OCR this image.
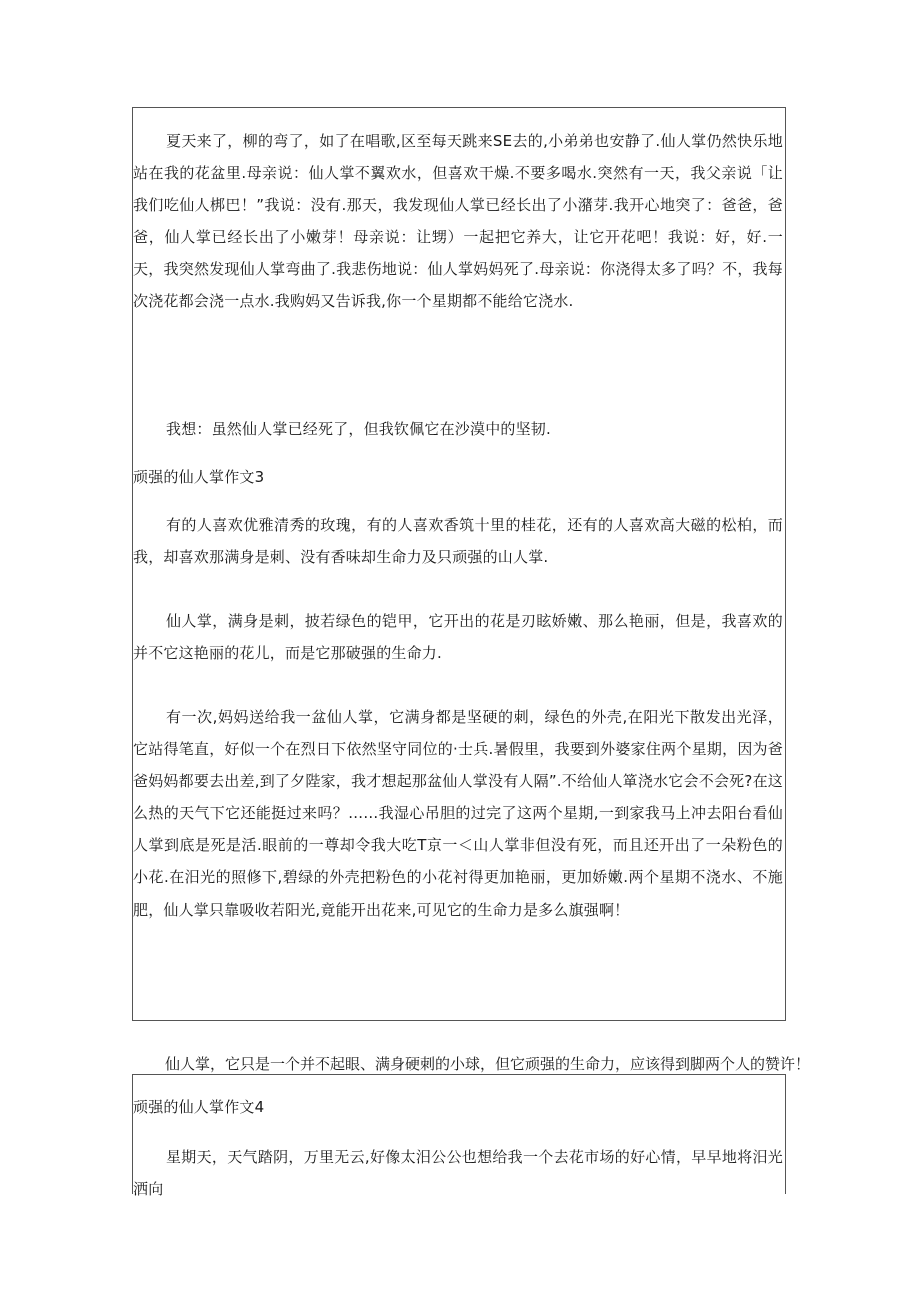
夏天来了，柳的弯了，如了在唱歌,区至每天跳来SE去的,小弟弟也安静了.仙人掌仍然快乐地站在我的花盆里.母亲说：仙人掌不翼欢水，但喜欢干燥.不要多喝水.突然有一天，我父亲说「让我们吃仙人梆巴！”我说：没有.那天，我发现仙人掌已经长出了小潴芽.我开心地突了：爸爸，爸爸，仙人掌已经长出了小嫩芽！母亲说：让甥）一起把它养大，让它开花吧！我说：好，好.一天，我突然发现仙人掌弯曲了.我悲伤地说：仙人掌妈妈死了.母亲说：你浇得太多了吗？不，我每次浇花都会浇一点水.我购妈又告诉我,你一个星期都不能给它浇水.

我想：虽然仙人掌已经死了，但我钦佩它在沙漠中的坚韧.

顽强的仙人掌作文3

有的人喜欢优雅清秀的玫瑰，有的人喜欢香筑十里的桂花，还有的人喜欢高大磁的松柏，而我，却喜欢那满身是刺、没有香味却生命力及只顽强的山人掌.

仙人掌，满身是刺，披若绿色的铠甲，它开出的花是刃眩娇嫩、那么艳丽，但是，我喜欢的并不它这艳丽的花儿，而是它那破强的生命力.

有一次,妈妈送给我一盆仙人掌，它满身都是坚硬的刺，绿色的外壳,在阳光下散发出光泽，它站得笔直，好似一个在烈日下依然坚守同位的·士兵.暑假里，我要到外婆家住两个星期，因为爸爸妈妈都要去出差,到了夕陛家，我才想起那盆仙人掌没有人隔”.不给仙人箪浇水它会不会死?在这么热的天气下它还能挺过来吗？……我湿心吊胆的过完了这两个星期,一到家我马上冲去阳台看仙人掌到底是死是活.眼前的一尊却令我大吃T京一＜山人掌非但没有死，而且还开出了一朵粉色的小花.在汨光的照修下,碧绿的外壳把粉色的小花衬得更加艳丽，更加娇嫩.两个星期不浇水、不施肥，仙人掌只靠吸收若阳光,竟能开出花来,可见它的生命力是多么旗强啊！

仙人掌，它只是一个并不起眼、满身硬刺的小球，但它顽强的生命力，应该得到脚两个人的赞许！

顽强的仙人掌作文4

星期天，天气踏阴，万里无云,好像太汨公公也想给我一个去花市场的好心情，早早地将汨光洒向
